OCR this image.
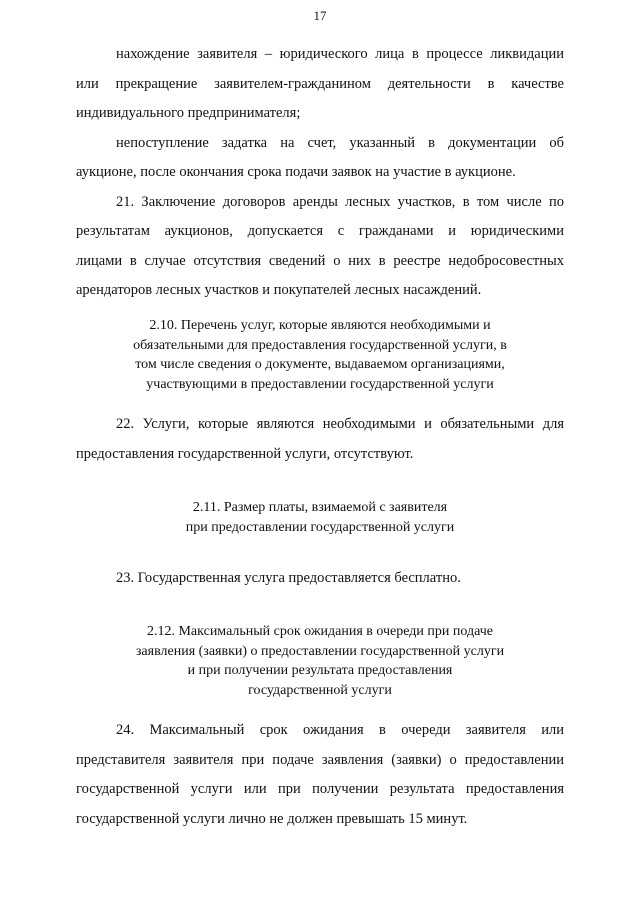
17
нахождение заявителя – юридического лица в процессе ликвидации
или прекращение заявителем-гражданином деятельности в качестве
индивидуального предпринимателя;
непоступление задатка на счет, указанный в документации об
аукционе, после окончания срока подачи заявок на участие в аукционе.
21. Заключение договоров аренды лесных участков, в том числе по
результатам аукционов, допускается с гражданами и юридическими
лицами в случае отсутствия сведений о них в реестре недобросовестных
арендаторов лесных участков и покупателей лесных насаждений.
2.10. Перечень услуг, которые являются необходимыми и
обязательными для предоставления государственной услуги, в
том числе сведения о документе, выдаваемом организациями,
участвующими в предоставлении государственной услуги
22. Услуги, которые являются необходимыми и обязательными для
предоставления государственной услуги, отсутствуют.
2.11. Размер платы, взимаемой с заявителя
при предоставлении государственной услуги
23. Государственная услуга предоставляется бесплатно.
2.12. Максимальный срок ожидания в очереди при подаче
заявления (заявки) о предоставлении государственной услуги
и при получении результата предоставления
государственной услуги
24. Максимальный срок ожидания в очереди заявителя или
представителя заявителя при подаче заявления (заявки) о предоставлении
государственной услуги или при получении результата предоставления
государственной услуги лично не должен превышать 15 минут.
